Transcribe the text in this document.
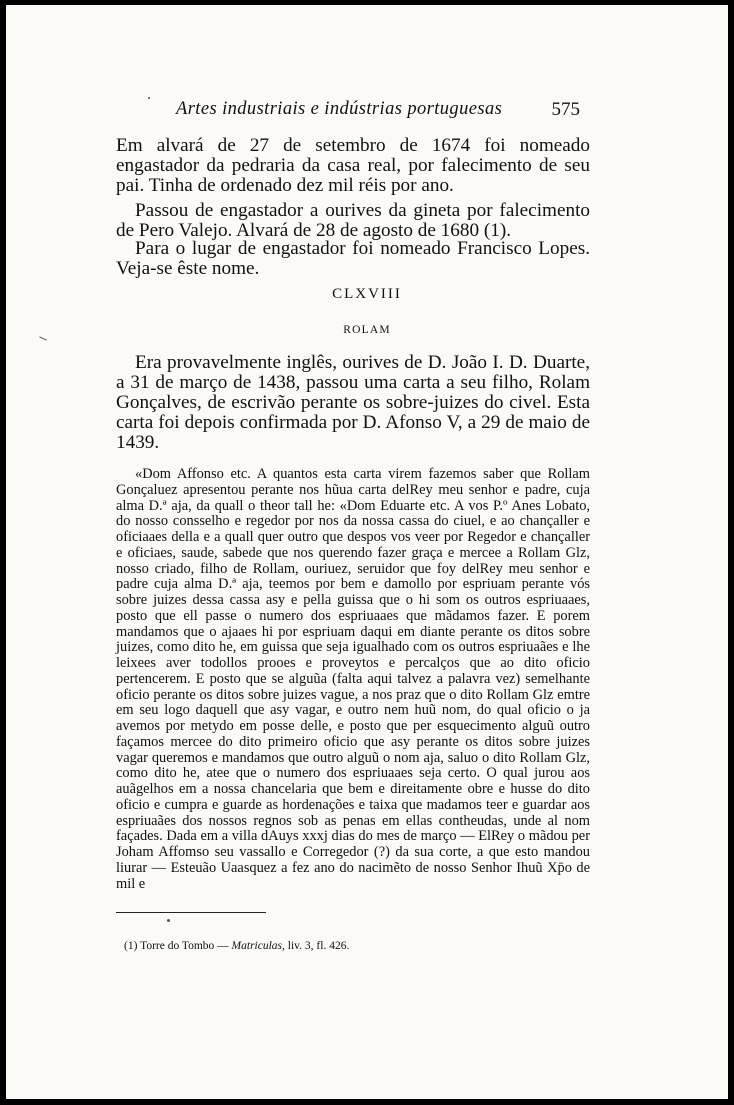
Artes industriais e indústrias portuguesas	575

Em alvará de 27 de setembro de 1674 foi nomeado engastador da pedraria da casa real, por falecimento de seu pai. Tinha de ordenado dez mil réis por ano.

Passou de engastador a ourives da gineta por falecimento de Pero Valejo. Alvará de 28 de agosto de 1680 (1).

Para o lugar de engastador foi nomeado Francisco Lopes. Veja-se êste nome.

CLXVIII
ROLAM

Era provavelmente inglês, ourives de D. João I. D. Duarte, a 31 de março de 1438, passou uma carta a seu filho, Rolam Gonçalves, de escrivão perante os sobre-juizes do civel. Esta carta foi depois confirmada por D. Afonso V, a 29 de maio de 1439.

«Dom Affonso etc. A quantos esta carta virem fazemos saber que Rollam Gonçaluez apresentou perante nos hũua carta delRey meu senhor e padre, cuja alma D.ª aja, da quall o theor tall he: «Dom Eduarte etc. A vos P.º Anes Lobato, do nosso consselho e regedor por nos da nossa cassa do ciuel, e ao chançaller e oficiaaes della e a quall quer outro que despos vos veer por Regedor e chançaller e oficiaes, saude, sabede que nos querendo fazer graça e mercee a Rollam Glz, nosso criado, filho de Rollam, ouriuez, seruidor que foy delRey meu senhor e padre cuja alma D.ª aja, teemos por bem e damollo por espriuam perante vós sobre juizes dessa cassa asy e pella guissa que o hi som os outros espriuaaes, posto que ell passe o numero dos espriuaaes que mãdamos fazer. E porem mandamos que o ajaaes hi por espriuam daqui em diante perante os ditos sobre juizes, como dito he, em guissa que seja igualhado com os outros espriuaães e lhe leixees aver todollos prooes e proveytos e percalços que ao dito oficio pertencerem. E posto que se alguũa (falta aqui talvez a palavra vez) semelhante oficio perante os ditos sobre juizes vague, a nos praz que o dito Rollam Glz emtre em seu logo daquell que asy vagar, e outro nem huũ nom, do qual oficio o ja avemos por metydo em posse delle, e posto que per esquecimento alguũ outro façamos mercee do dito primeiro oficio que asy perante os ditos sobre juizes vagar queremos e mandamos que outro alguũ o nom aja, saluo o dito Rollam Glz, como dito he, atee que o numero dos espriuaaes seja certo. O qual jurou aos auãgelhos em a nossa chancelaria que bem e direitamente obre e husse do dito oficio e cumpra e guarde as hordenações e taixa que madamos teer e guardar aos espriuaães dos nossos regnos sob as penas em ellas contheudas, unde al nom façades. Dada em a villa dAuys xxxj dias do mes de março — ElRey o mãdou per Joham Affomso seu vassallo e Corregedor (?) da sua corte, a que esto mandou liurar — Esteuão Uaasquez a fez ano do nacimẽto de nosso Senhor Ihuũ Xp̄o de mil e

(1) Torre do Tombo — Matriculas, liv. 3, fl. 426.
